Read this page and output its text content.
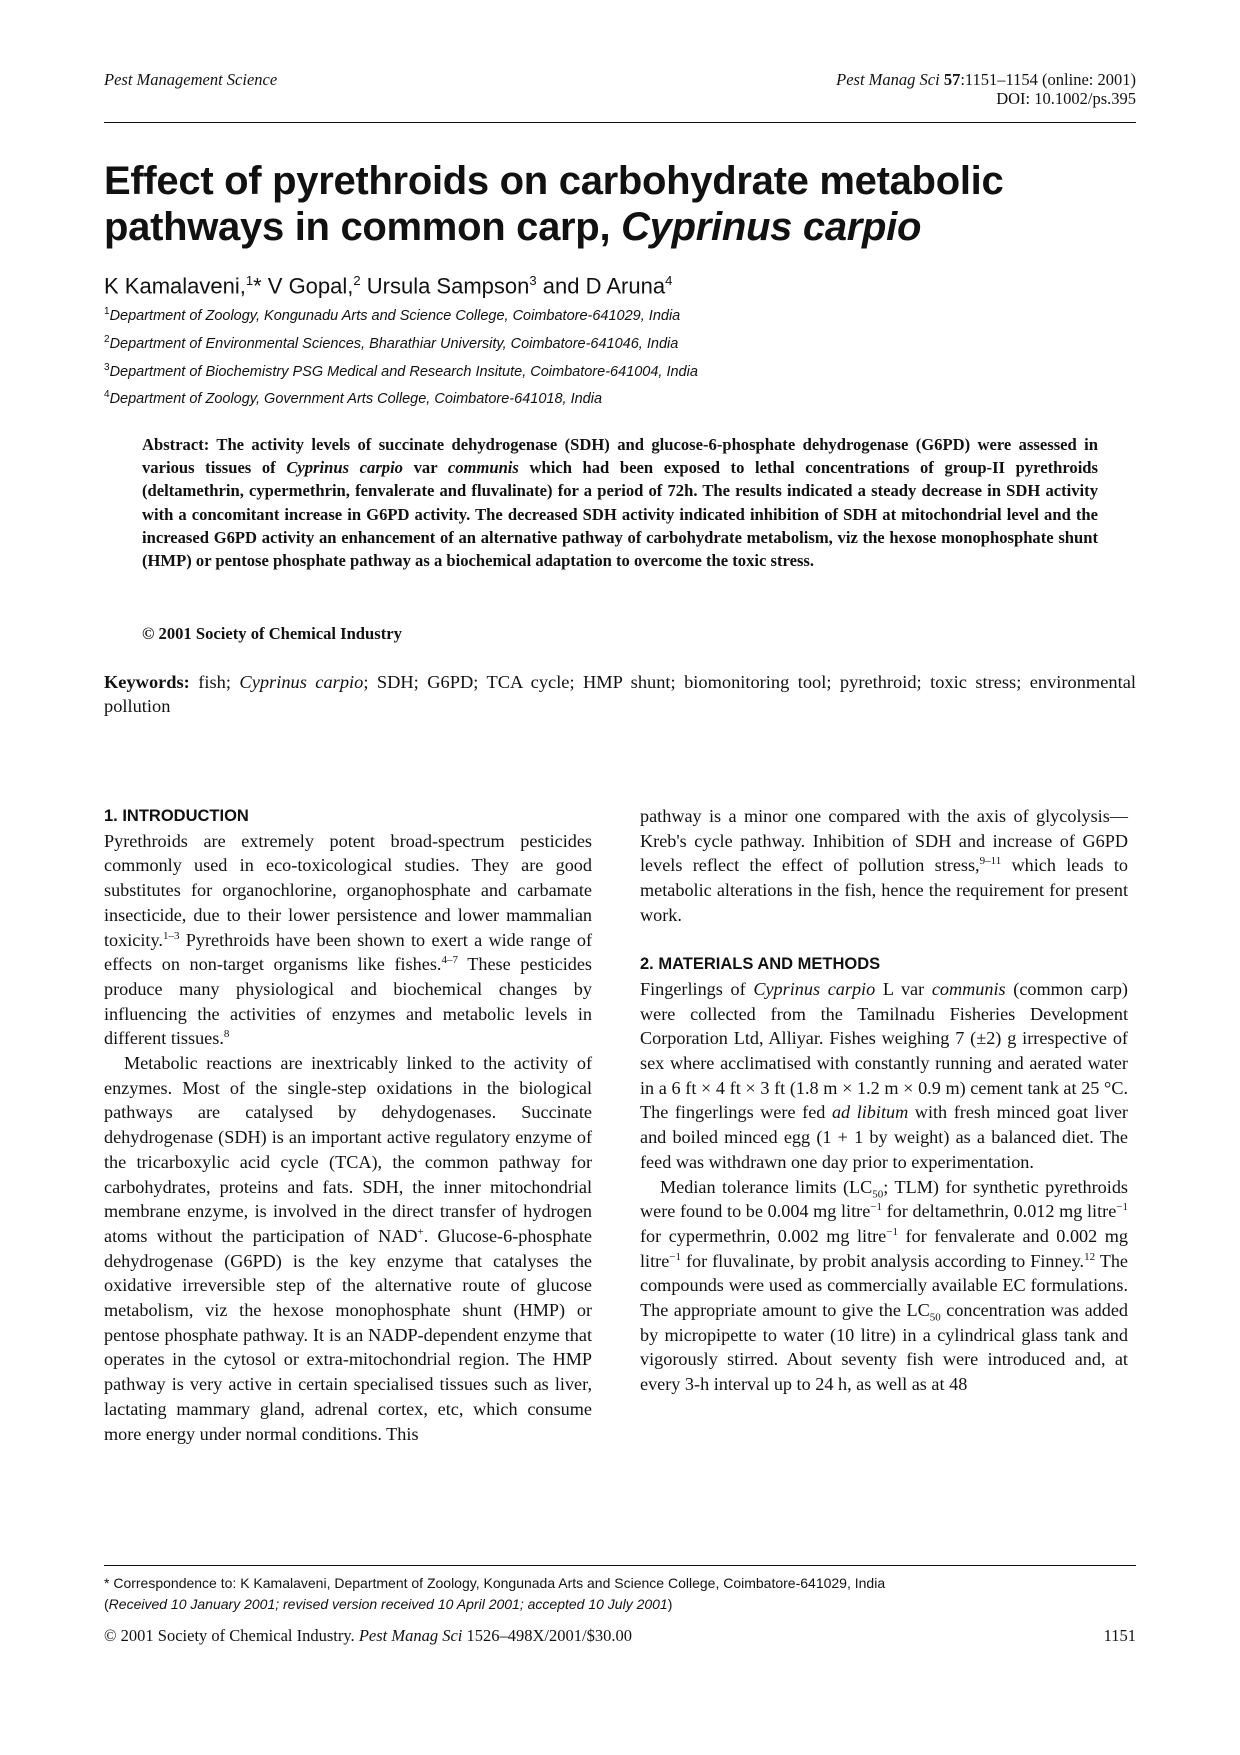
Pest Management Science	Pest Manag Sci 57:1151–1154 (online: 2001)
DOI: 10.1002/ps.395
Effect of pyrethroids on carbohydrate metabolic pathways in common carp, Cyprinus carpio

K Kamalaveni,$^1$* V Gopal,$^2$ Ursula Sampson$^3$ and D Aruna$^4$

$^1$Department of Zoology, Kongunadu Arts and Science College, Coimbatore-641029, India
$^2$Department of Environmental Sciences, Bharathiar University, Coimbatore-641046, India
$^3$Department of Biochemistry PSG Medical and Research Insitute, Coimbatore-641004, India
$^4$Department of Zoology, Government Arts College, Coimbatore-641018, India

Abstract: The activity levels of succinate dehydrogenase (SDH) and glucose-6-phosphate dehydrogenase (G6PD) were assessed in various tissues of Cyprinus carpio var communis which had been exposed to lethal concentrations of group-II pyrethroids (deltamethrin, cypermethrin, fenvalerate and fluvalinate) for a period of 72h. The results indicated a steady decrease in SDH activity with a concomitant increase in G6PD activity. The decreased SDH activity indicated inhibition of SDH at mitochondrial level and the increased G6PD activity an enhancement of an alternative pathway of carbohydrate metabolism, viz the hexose monophosphate shunt (HMP) or pentose phosphate pathway as a biochemical adaptation to overcome the toxic stress.

© 2001 Society of Chemical Industry

Keywords: fish; Cyprinus carpio; SDH; G6PD; TCA cycle; HMP shunt; biomonitoring tool; pyrethroid; toxic stress; environmental pollution

1. INTRODUCTION

Pyrethroids are extremely potent broad-spectrum pesticides commonly used in eco-toxicological studies. They are good substitutes for organochlorine, organophosphate and carbamate insecticide, due to their lower persistence and lower mammalian toxicity.$^{1-3}$ Pyrethroids have been shown to exert a wide range of effects on non-target organisms like fishes.$^{4-7}$ These pesticides produce many physiological and biochemical changes by influencing the activities of enzymes and metabolic levels in different tissues.$^8$

Metabolic reactions are inextricably linked to the activity of enzymes. Most of the single-step oxidations in the biological pathways are catalysed by dehydogenases. Succinate dehydrogenase (SDH) is an important active regulatory enzyme of the tricarboxylic acid cycle (TCA), the common pathway for carbohydrates, proteins and fats. SDH, the inner mitochondrial membrane enzyme, is involved in the direct transfer of hydrogen atoms without the participation of NAD+. Glucose-6-phosphate dehydrogenase (G6PD) is the key enzyme that catalyses the oxidative irreversible step of the alternative route of glucose metabolism, viz the hexose monophosphate shunt (HMP) or pentose phosphate pathway. It is an NADP-dependent enzyme that operates in the cytosol or extra-mitochondrial region. The HMP pathway is very active in certain specialised tissues such as liver, lactating mammary gland, adrenal cortex, etc, which consume more energy under normal conditions. This

pathway is a minor one compared with the axis of glycolysis—Kreb's cycle pathway. Inhibition of SDH and increase of G6PD levels reflect the effect of pollution stress,$^{9-11}$ which leads to metabolic alterations in the fish, hence the requirement for present work.

2. MATERIALS AND METHODS

Fingerlings of Cyprinus carpio L var communis (common carp) were collected from the Tamilnadu Fisheries Development Corporation Ltd, Alliyar. Fishes weighing 7 (±2) g irrespective of sex where acclimatised with constantly running and aerated water in a 6 ft × 4 ft × 3 ft (1.8 m × 1.2 m × 0.9 m) cement tank at 25 °C. The fingerlings were fed ad libitum with fresh minced goat liver and boiled minced egg (1 + 1 by weight) as a balanced diet. The feed was withdrawn one day prior to experimentation.

Median tolerance limits ($LC_{50}$; TLM) for synthetic pyrethroids were found to be 0.004 mg litre$^{-1}$ for deltamethrin, 0.012 mg litre$^{-1}$ for cypermethrin, 0.002 mg litre$^{-1}$ for fenvalerate and 0.002 mg litre$^{-1}$ for fluvalinate, by probit analysis according to Finney.$^{12}$ The compounds were used as commercially available EC formulations. The appropriate amount to give the $LC_{50}$ concentration was added by micropipette to water (10 litre) in a cylindrical glass tank and vigorously stirred. About seventy fish were introduced and, at every 3-h interval up to 24 h, as well as at 48

* Correspondence to: K Kamalaveni, Department of Zoology, Kongunada Arts and Science College, Coimbatore-641029, India
(Received 10 January 2001; revised version received 10 April 2001; accepted 10 July 2001)
© 2001 Society of Chemical Industry. Pest Manag Sci 1526–498X/2001/$30.00	1151
